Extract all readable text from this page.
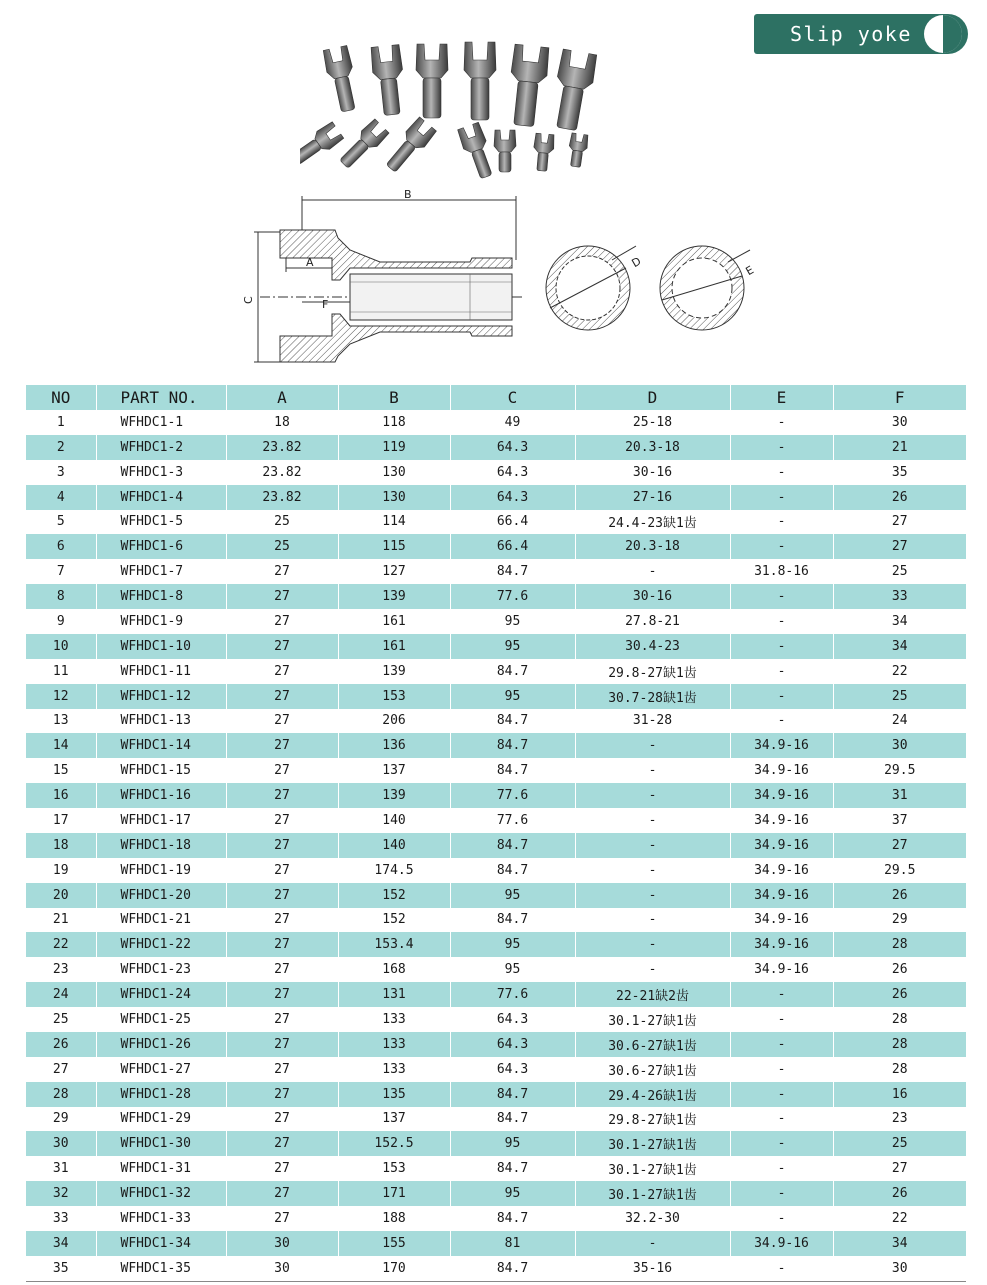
Slip yoke
B
A
C	F
D
E
NO	PART NO.	A	B	C	D	E	F
1	WFHDC1-1	18	118	49	25-18	-	30
2	WFHDC1-2	23.82	119	64.3	20.3-18	-	21
3	WFHDC1-3	23.82	130	64.3	30-16	-	35
4	WFHDC1-4	23.82	130	64.3	27-16	-	26
5	WFHDC1-5	25	114	66.4	24.4-23缺1齿	-	27
6	WFHDC1-6	25	115	66.4	20.3-18	-	27
7	WFHDC1-7	27	127	84.7	-	31.8-16	25
8	WFHDC1-8	27	139	77.6	30-16	-	33
9	WFHDC1-9	27	161	95	27.8-21	-	34
10	WFHDC1-10	27	161	95	30.4-23	-	34
11	WFHDC1-11	27	139	84.7	29.8-27缺1齿	-	22
12	WFHDC1-12	27	153	95	30.7-28缺1齿	-	25
13	WFHDC1-13	27	206	84.7	31-28	-	24
14	WFHDC1-14	27	136	84.7	-	34.9-16	30
15	WFHDC1-15	27	137	84.7	-	34.9-16	29.5
16	WFHDC1-16	27	139	77.6	-	34.9-16	31
17	WFHDC1-17	27	140	77.6	-	34.9-16	37
18	WFHDC1-18	27	140	84.7	-	34.9-16	27
19	WFHDC1-19	27	174.5	84.7	-	34.9-16	29.5
20	WFHDC1-20	27	152	95	-	34.9-16	26
21	WFHDC1-21	27	152	84.7	-	34.9-16	29
22	WFHDC1-22	27	153.4	95	-	34.9-16	28
23	WFHDC1-23	27	168	95	-	34.9-16	26
24	WFHDC1-24	27	131	77.6	22-21缺2齿	-	26
25	WFHDC1-25	27	133	64.3	30.1-27缺1齿	-	28
26	WFHDC1-26	27	133	64.3	30.6-27缺1齿	-	28
27	WFHDC1-27	27	133	64.3	30.6-27缺1齿	-	28
28	WFHDC1-28	27	135	84.7	29.4-26缺1齿	-	16
29	WFHDC1-29	27	137	84.7	29.8-27缺1齿	-	23
30	WFHDC1-30	27	152.5	95	30.1-27缺1齿	-	25
31	WFHDC1-31	27	153	84.7	30.1-27缺1齿	-	27
32	WFHDC1-32	27	171	95	30.1-27缺1齿	-	26
33	WFHDC1-33	27	188	84.7	32.2-30	-	22
34	WFHDC1-34	30	155	81	-	34.9-16	34
35	WFHDC1-35	30	170	84.7	35-16	-	30
